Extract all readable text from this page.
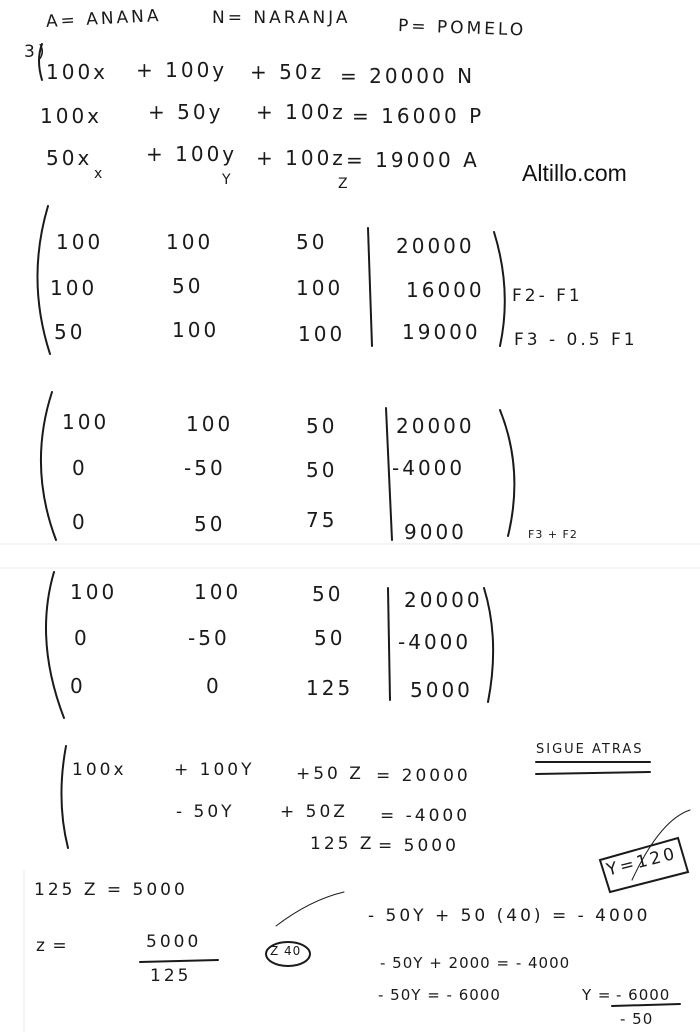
Altillo.com
A= ANANA	N= NARANJA	P= POMELO
3)
100x + 100y + 50z = 20000 N
100x + 50y + 100z = 16000 P
50x	+ 100y + 100z = 19000 A
x	Y	Z
100	100	50	20000
100	50	100	16000
50	100	100	19000
F2- F1
F3 - 0.5 F1
100	100	50	20000
0	-50	50	-4000
0	50	75	9000	F3 + F2
100	100	50	20000
0	-50	50	-4000
0	0	125	5000
100x	+ 100Y +50 Z = 20000
- 50Y	+ 50Z = -4000
125 Z = 5000
SIGUE ATRAS
Y=120
125 Z = 5000
z =	5000
125
Z 40
- 50Y + 50 (40) = - 4000
- 50Y + 2000 = - 4000
- 50Y = - 6000	Y = - 6000
- 50
